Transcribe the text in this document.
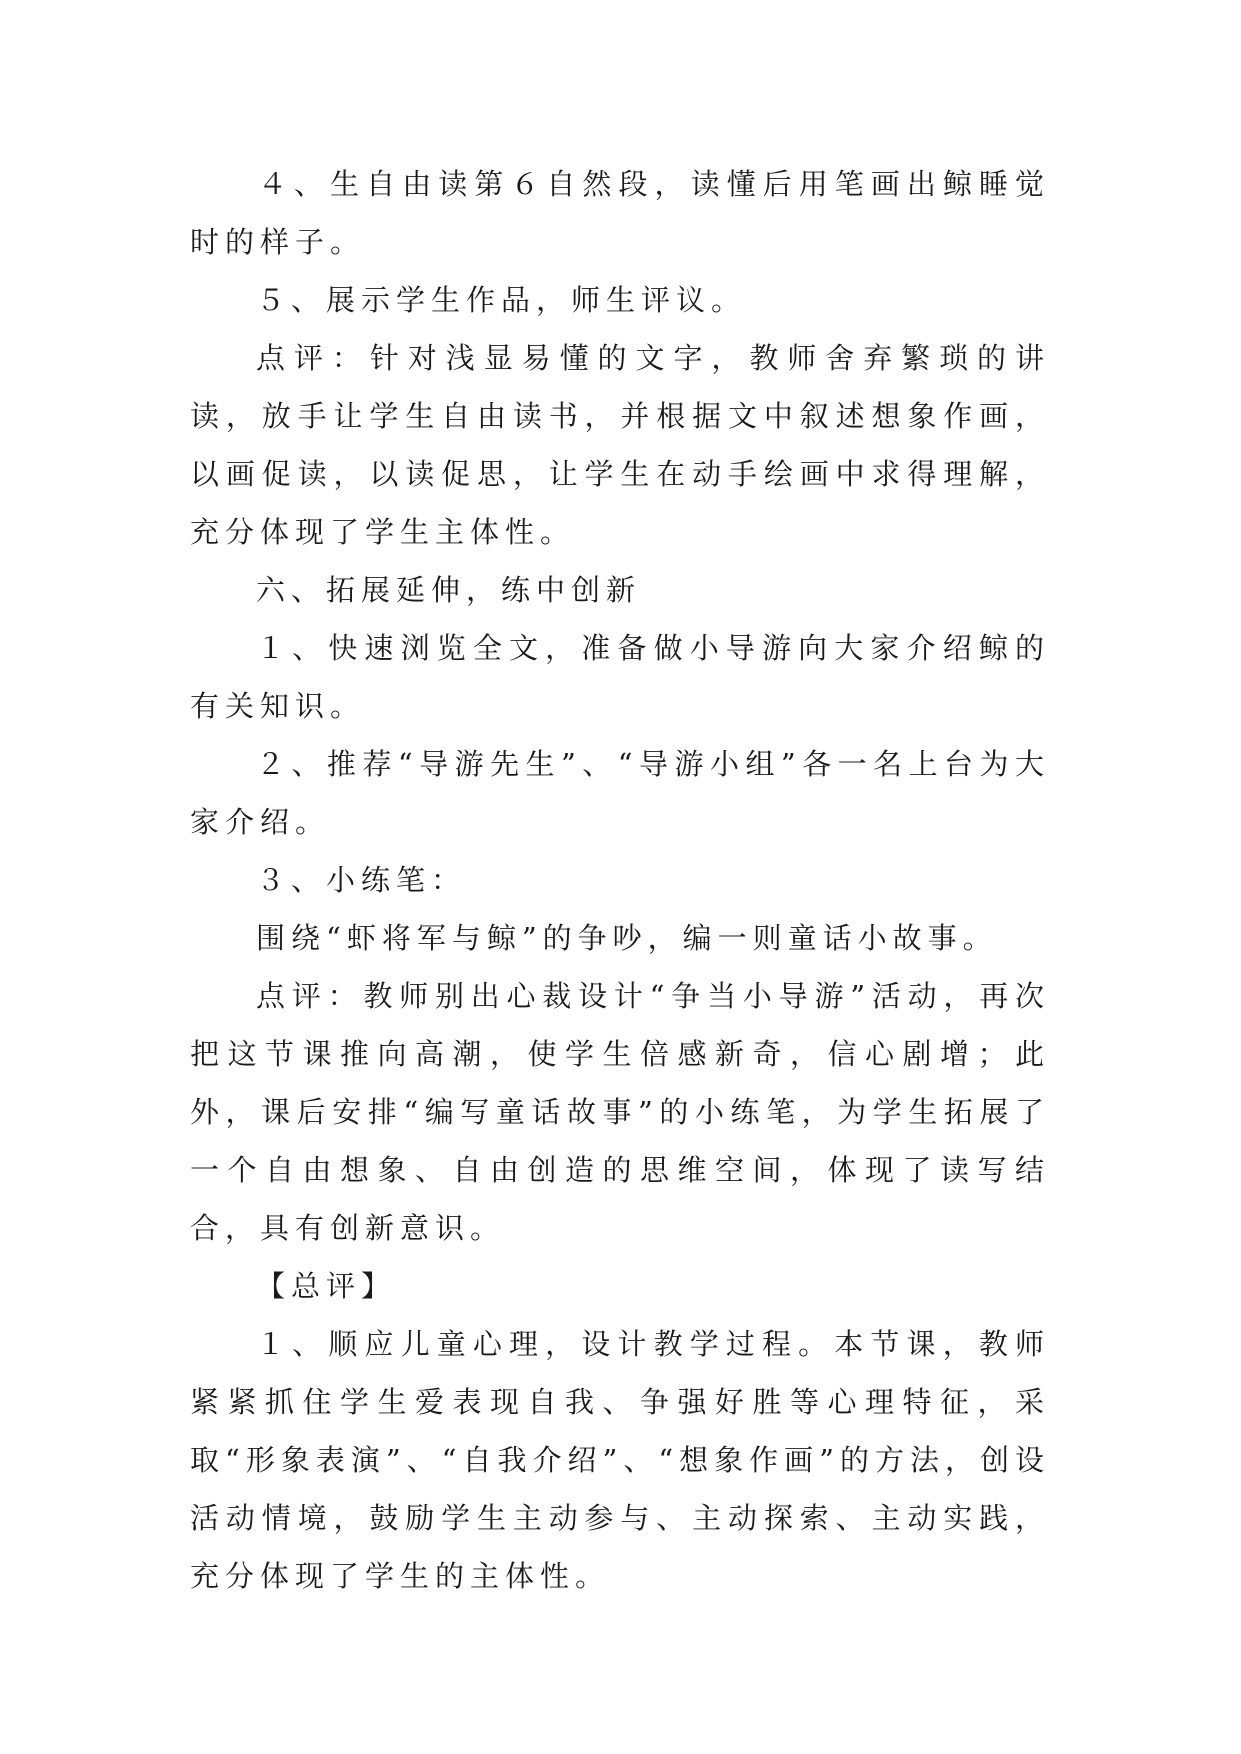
４、生自由读第６自然段，读懂后用笔画出鲸睡觉时的样子。

５、展示学生作品，师生评议。

点评：针对浅显易懂的文字，教师舍弃繁琐的讲读，放手让学生自由读书，并根据文中叙述想象作画，以画促读，以读促思，让学生在动手绘画中求得理解，充分体现了学生主体性。

六、拓展延伸，练中创新

１、快速浏览全文，准备做小导游向大家介绍鲸的有关知识。

２、推荐“导游先生”、“导游小组”各一名上台为大家介绍。

３、小练笔：

围绕“虾将军与鲸”的争吵，编一则童话小故事。

点评：教师别出心裁设计“争当小导游”活动，再次把这节课推向高潮，使学生倍感新奇，信心剧增；此外，课后安排“编写童话故事”的小练笔，为学生拓展了一个自由想象、自由创造的思维空间，体现了读写结合，具有创新意识。

【总评】

１、顺应儿童心理，设计教学过程。本节课，教师紧紧抓住学生爱表现自我、争强好胜等心理特征，采取“形象表演”、“自我介绍”、“想象作画”的方法，创设活动情境，鼓励学生主动参与、主动探索、主动实践，充分体现了学生的主体性。
